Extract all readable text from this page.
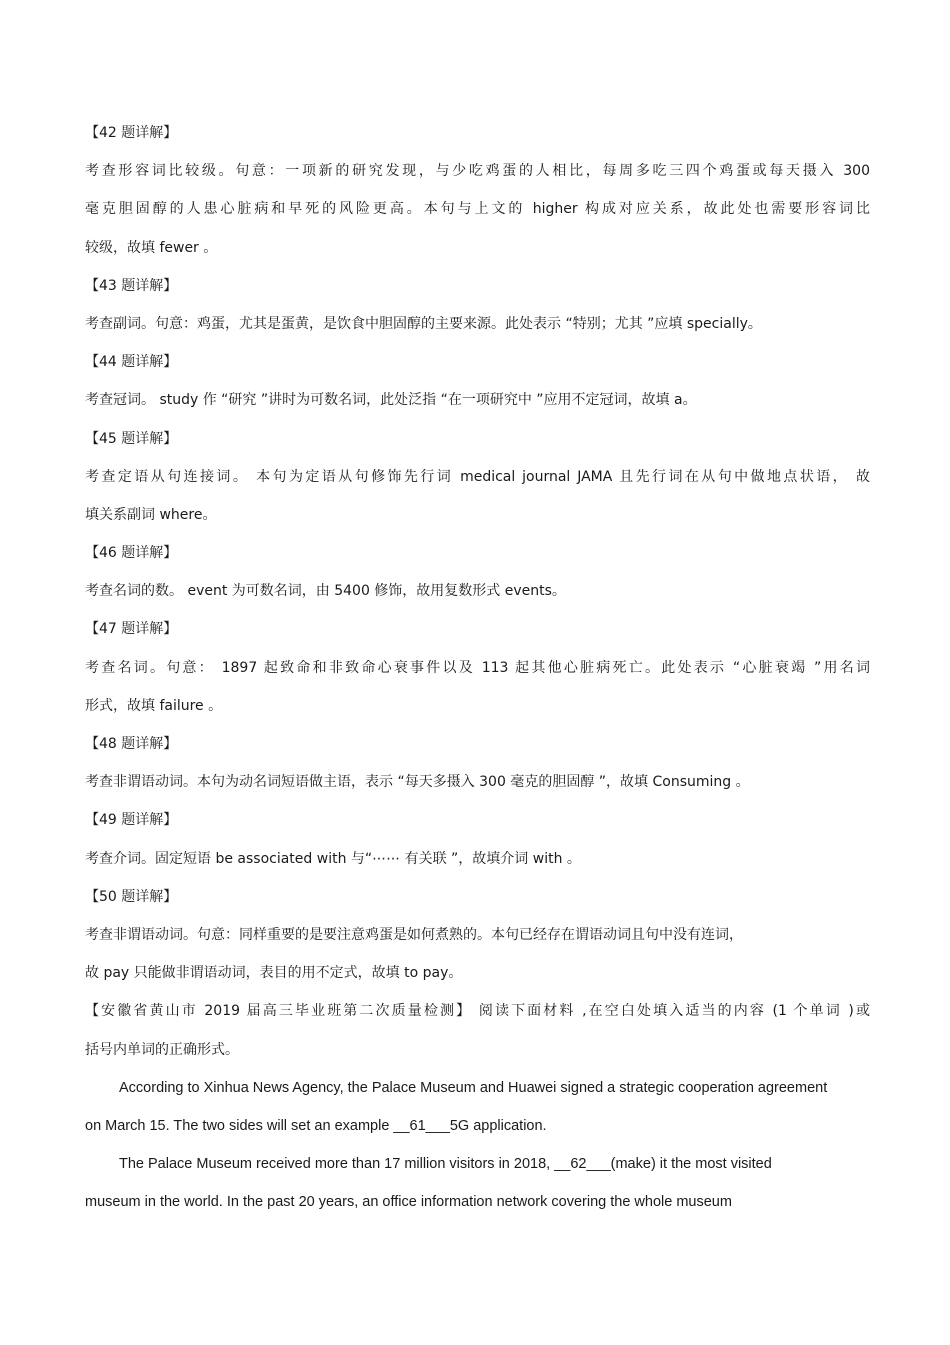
【42 题详解】
考查形容词比较级。句意：一项新的研究发现，与少吃鸡蛋的人相比，每周多吃三四个鸡蛋或每天摄入 300
毫克胆固醇的人患心脏病和早死的风险更高。本句与上文的 higher 构成对应关系，故此处也需要形容词比
较级，故填 fewer 。
【43 题详解】
考查副词。句意：鸡蛋，尤其是蛋黄，是饮食中胆固醇的主要来源。此处表示 “特别；尤其 ”应填 specially。
【44 题详解】
考查冠词。 study 作 “研究 ”讲时为可数名词，此处泛指 “在一项研究中 ”应用不定冠词，故填 a。
【45 题详解】
考查定语从句连接词。 本句为定语从句修饰先行词 medical journal JAMA 且先行词在从句中做地点状语， 故
填关系副词 where。
【46 题详解】
考查名词的数。 event 为可数名词，由 5400 修饰，故用复数形式 events。
【47 题详解】
考查名词。句意： 1897 起致命和非致命心衰事件以及 113 起其他心脏病死亡。此处表示 “心脏衰竭 ”用名词
形式，故填 failure 。
【48 题详解】
考查非谓语动词。本句为动名词短语做主语，表示 “每天多摄入 300 毫克的胆固醇 ”，故填 Consuming 。
【49 题详解】
考查介词。固定短语 be associated with 与“⋯⋯ 有关联 ”，故填介词 with 。
【50 题详解】
考查非谓语动词。句意：同样重要的是要注意鸡蛋是如何煮熟的。本句已经存在谓语动词且句中没有连词，
故 pay 只能做非谓语动词，表目的用不定式，故填 to pay。
【安徽省黄山市 2019 届高三毕业班第二次质量检测】 阅读下面材料 ,在空白处填入适当的内容 (1 个单词 )或
括号内单词的正确形式。
According to Xinhua News Agency, the Palace Museum and Huawei signed a strategic cooperation agreement
on March 15. The two sides will set an example __61___5G application.
The Palace Museum received more than 17 million visitors in 2018, __62___(make) it the most visited
museum in the world. In the past 20 years, an office information network covering the whole museum
